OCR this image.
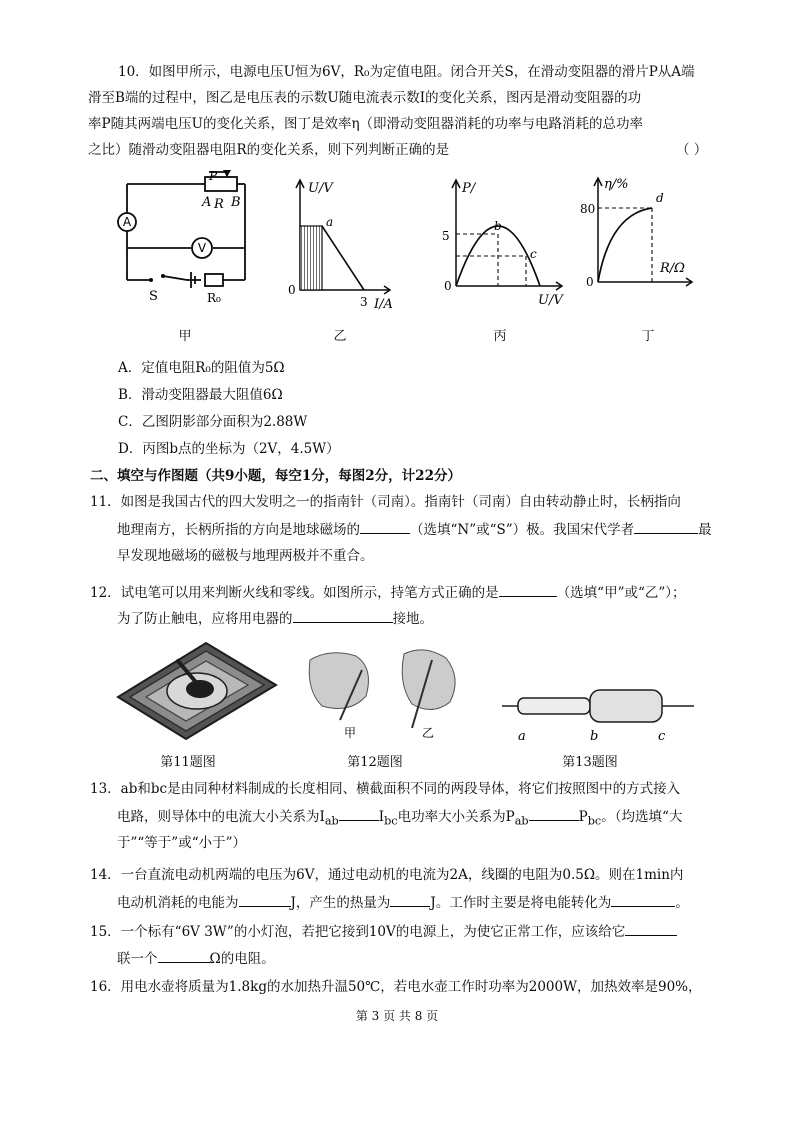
10．如图甲所示，电源电压U恒为6V，R₀为定值电阻。闭合开关S，在滑动变阻器的滑片P从A端
滑至B端的过程中，图乙是电压表的示数U随电流表示数I的变化关系，图丙是滑动变阻器的功
率P随其两端电压U的变化关系，图丁是效率η（即滑动变阻器消耗的功率与电路消耗的总功率
之比）随滑动变阻器电阻R的变化关系，则下列判断正确的是	（ ）
A
V
P
A R B
S	R₀
甲
U/V
I/A
0
3
a
乙
P/
U/V
0
5
b
c
丙
η/%
R/Ω
0
80
d
丁
A．定值电阻R₀的阻值为5Ω
B．滑动变阻器最大阻值6Ω
C．乙图阴影部分面积为2.88W
D．丙图b点的坐标为（2V，4.5W）
二、填空与作图题（共9小题，每空1分，每图2分，计22分）
11．如图是我国古代的四大发明之一的指南针（司南）。指南针（司南）自由转动静止时，长柄指向
地理南方，长柄所指的方向是地球磁场的	（选填“N”或“S”）极。我国宋代学者	最
早发现地磁场的磁极与地理两极并不重合。
12．试电笔可以用来判断火线和零线。如图所示，持笔方式正确的是	（选填“甲”或“乙”）；
为了防止触电，应将用电器的	接地。
第11题图
甲	乙
第12题图
a	b	c
第13题图
13．ab和bc是由同种材料制成的长度相同、横截面积不同的两段导体，将它们按照图中的方式接入
电路，则导体中的电流大小关系为$I_{ab}$	$I_{bc}$电功率大小关系为$P_{ab}$	$P_{bc}$。（均选填“大
于”“等于”或“小于”）
14．一台直流电动机两端的电压为6V，通过电动机的电流为2A，线圈的电阻为0.5Ω。则在1min内
电动机消耗的电能为	J，产生的热量为	J。工作时主要是将电能转化为	。
15．一个标有“6V 3W”的小灯泡，若把它接到10V的电源上，为使它正常工作，应该给它
联一个	Ω的电阻。
16．用电水壶将质量为1.8kg的水加热升温50℃，若电水壶工作时功率为2000W，加热效率是90%，
第 3 页 共 8 页
